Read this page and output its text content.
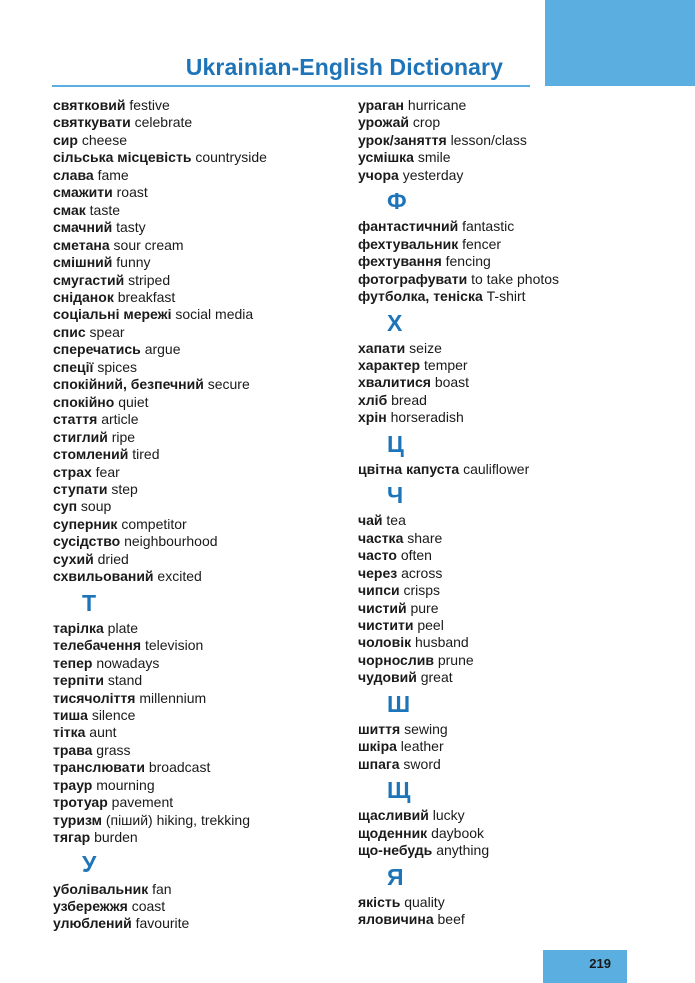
Ukrainian-English Dictionary
святковий festive
святкувати celebrate
сир cheese
сільська місцевість countryside
слава fame
смажити roast
смак taste
смачний tasty
сметана sour cream
смішний funny
смугастий striped
сніданок breakfast
соціальні мережі social media
спис spear
сперечатись argue
спеції spices
спокійний, безпечний secure
спокійно quiet
стаття article
стиглий ripe
стомлений tired
страх fear
ступати step
суп soup
суперник competitor
сусідство neighbourhood
сухий dried
схвильований excited
Т
тарілка plate
телебачення television
тепер nowadays
терпіти stand
тисячоліття millennium
тиша silence
тітка aunt
трава grass
транслювати broadcast
траур mourning
тротуар pavement
туризм (піший) hiking, trekking
тягар burden
У
уболівальник fan
узбережжя coast
улюблений favourite
ураган hurricane
урожай crop
урок/заняття lesson/class
усмішка smile
учора yesterday
Ф
фантастичний fantastic
фехтувальник fencer
фехтування fencing
фотографувати to take photos
футболка, теніска T-shirt
Х
хапати seize
характер temper
хвалитися boast
хліб bread
хрін horseradish
Ц
цвітна капуста cauliflower
Ч
чай tea
частка share
часто often
через across
чипси crisps
чистий pure
чистити peel
чоловік husband
чорнослив prune
чудовий great
Ш
шиття sewing
шкіра leather
шпага sword
Щ
щасливий lucky
щоденник daybook
що-небудь anything
Я
якість quality
яловичина beef
219
